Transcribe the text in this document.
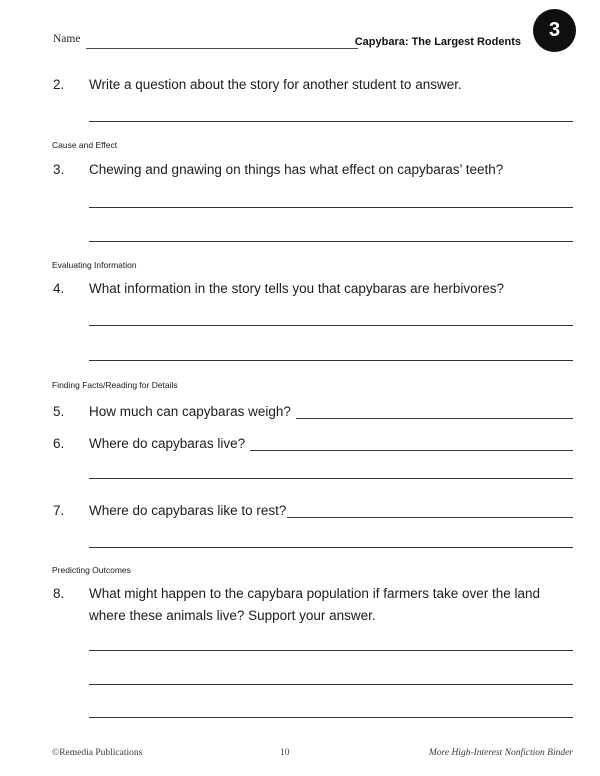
Name	Capybara: The Largest Rodents
3
2.	Write a question about the story for another student to answer.
Cause and Effect
3.	Chewing and gnawing on things has what effect on capybaras’ teeth?
Evaluating Information
4.	What information in the story tells you that capybaras are herbivores?
Finding Facts/Reading for Details
5.	How much can capybaras weigh?
6.	Where do capybaras live?
7.	Where do capybaras like to rest?
Predicting Outcomes
8.	What might happen to the capybara population if farmers take over the land where these animals live? Support your answer.
©Remedia Publications	10	More High-Interest Nonfiction Binder
